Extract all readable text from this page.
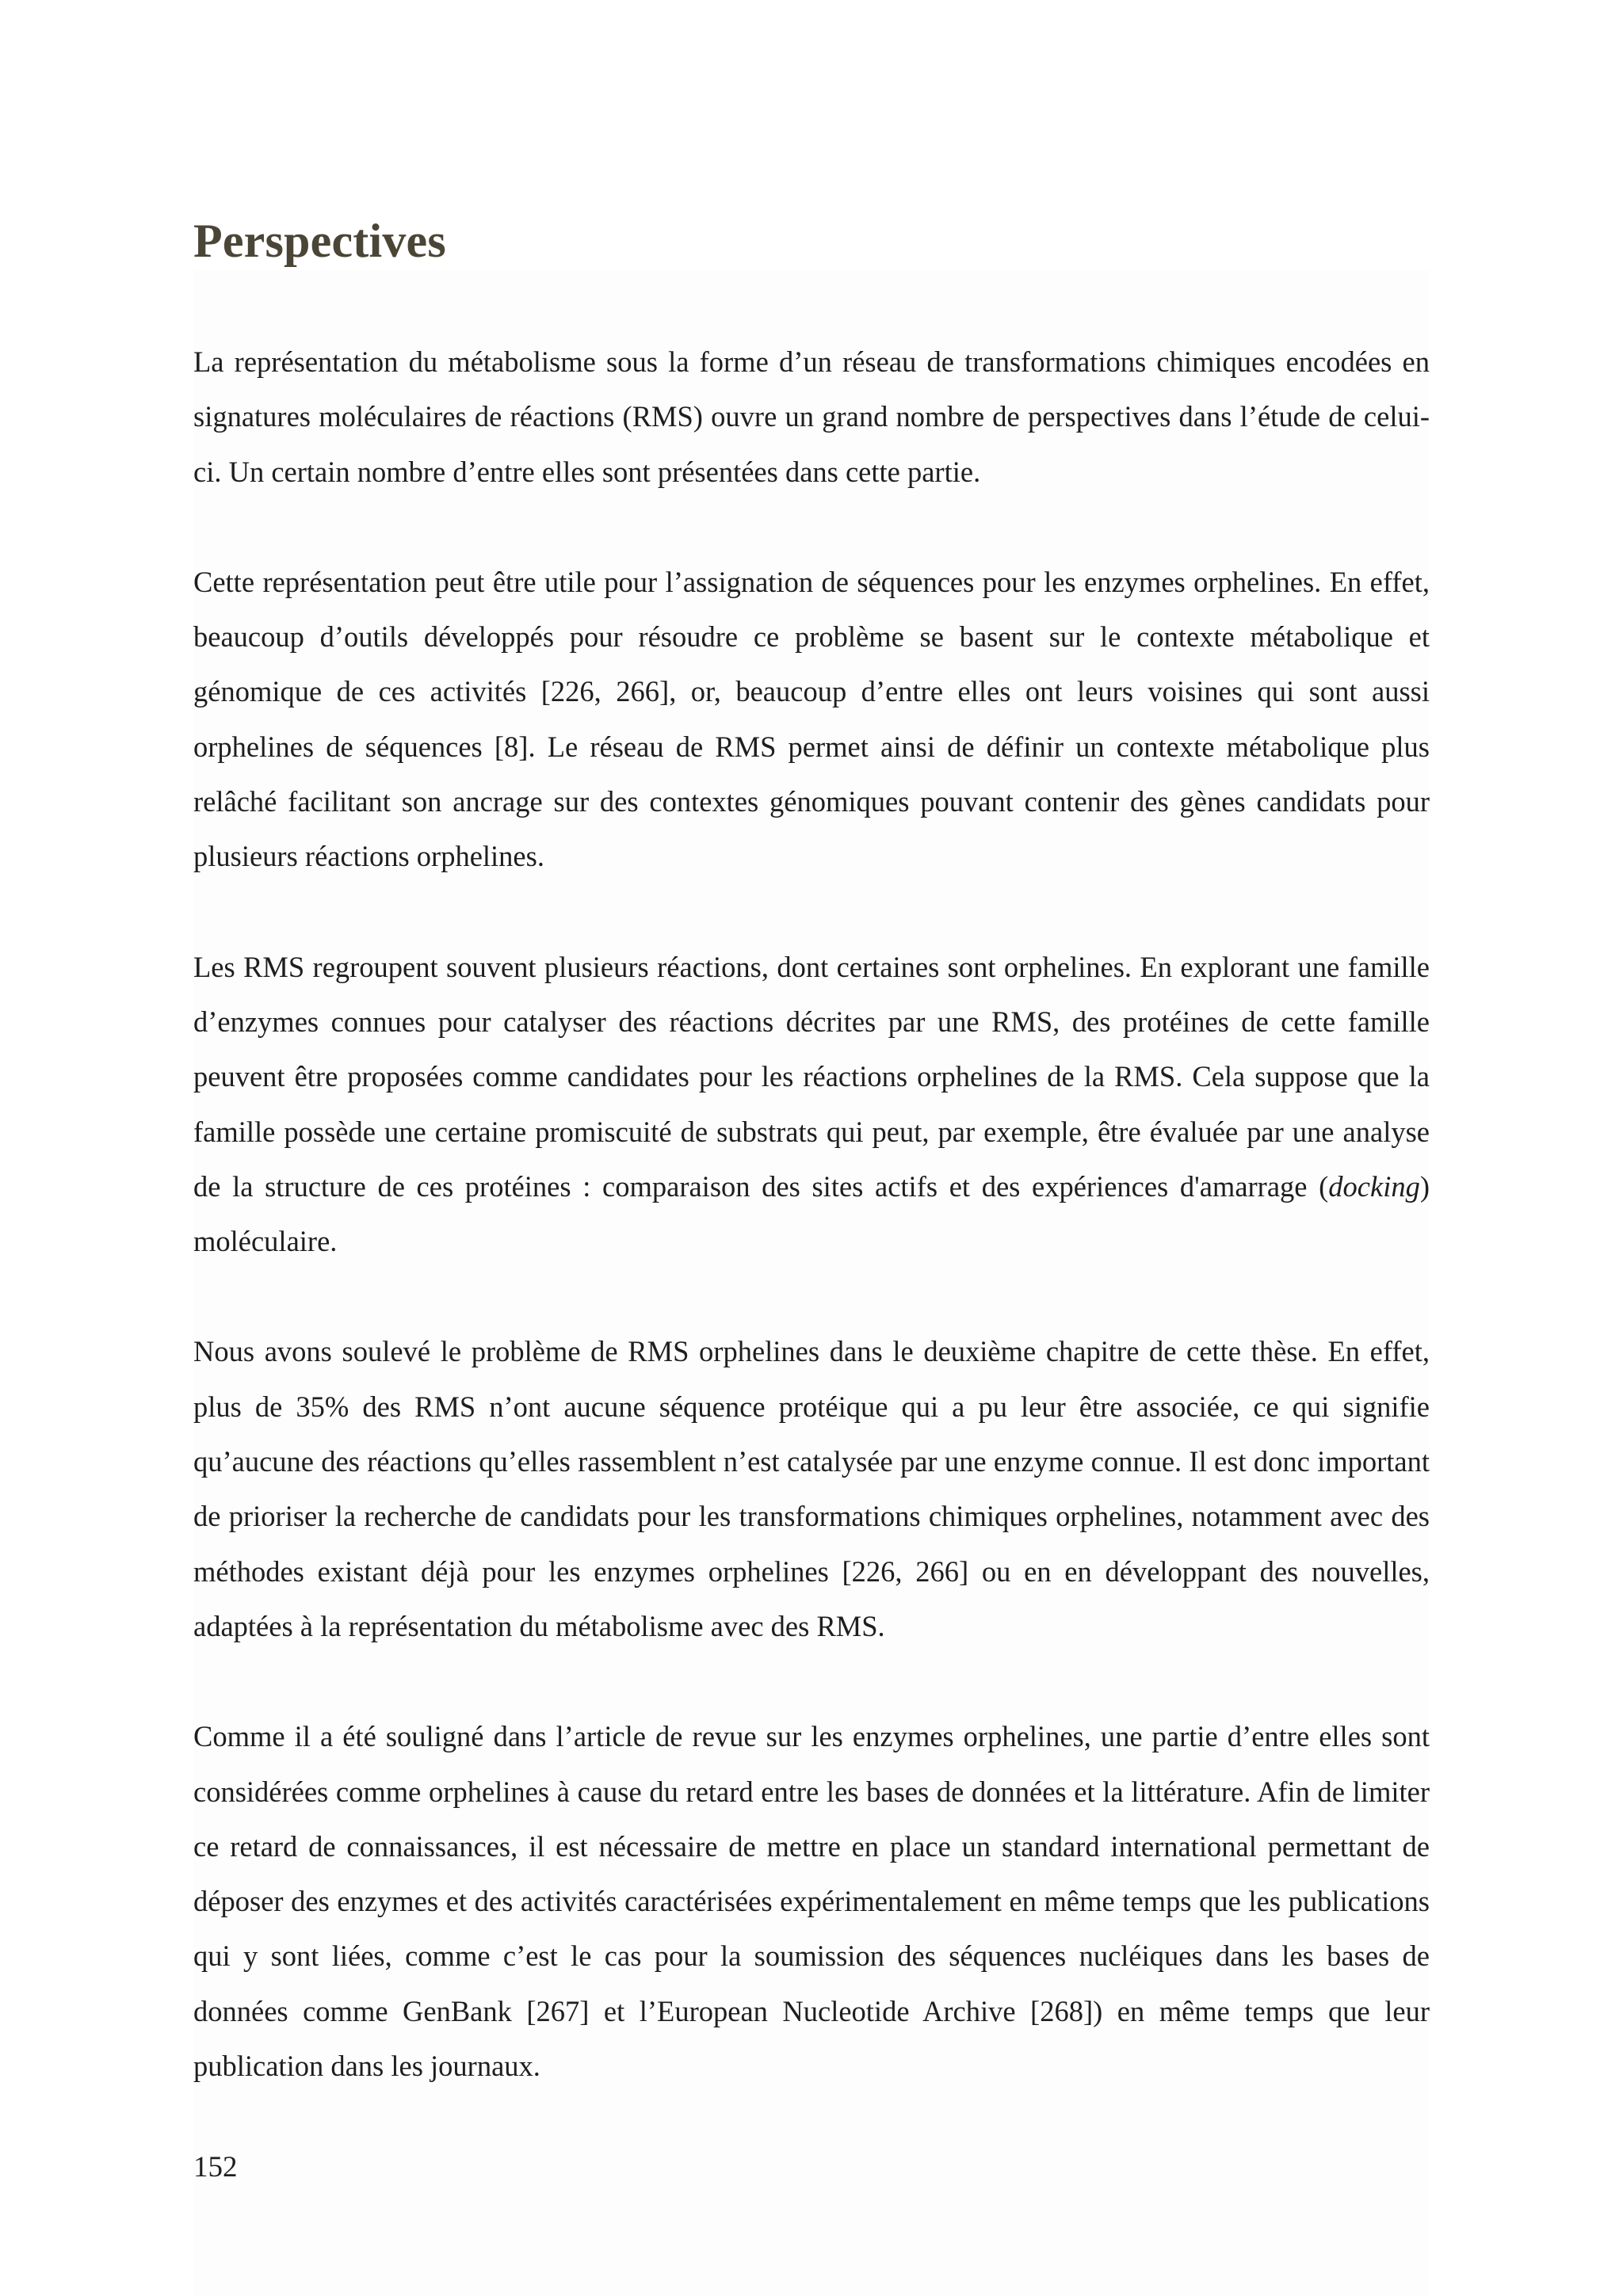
Perspectives

La représentation du métabolisme sous la forme d’un réseau de transformations chimiques encodées en signatures moléculaires de réactions (RMS) ouvre un grand nombre de perspectives dans l’étude de celui-ci. Un certain nombre d’entre elles sont présentées dans cette partie.

Cette représentation peut être utile pour l’assignation de séquences pour les enzymes orphelines. En effet, beaucoup d’outils développés pour résoudre ce problème se basent sur le contexte métabolique et génomique de ces activités [226, 266], or, beaucoup d’entre elles ont leurs voisines qui sont aussi orphelines de séquences [8]. Le réseau de RMS permet ainsi de définir un contexte métabolique plus relâché facilitant son ancrage sur des contextes génomiques pouvant contenir des gènes candidats pour plusieurs réactions orphelines.

Les RMS regroupent souvent plusieurs réactions, dont certaines sont orphelines. En explorant une famille d’enzymes connues pour catalyser des réactions décrites par une RMS, des protéines de cette famille peuvent être proposées comme candidates pour les réactions orphelines de la RMS. Cela suppose que la famille possède une certaine promiscuité de substrats qui peut, par exemple, être évaluée par une analyse de la structure de ces protéines : comparaison des sites actifs et des expériences d'amarrage (docking) moléculaire.

Nous avons soulevé le problème de RMS orphelines dans le deuxième chapitre de cette thèse. En effet, plus de 35% des RMS n’ont aucune séquence protéique qui a pu leur être associée, ce qui signifie qu’aucune des réactions qu’elles rassemblent n’est catalysée par une enzyme connue. Il est donc important de prioriser la recherche de candidats pour les transformations chimiques orphelines, notamment avec des méthodes existant déjà pour les enzymes orphelines [226, 266] ou en en développant des nouvelles, adaptées à la représentation du métabolisme avec des RMS.

Comme il a été souligné dans l’article de revue sur les enzymes orphelines, une partie d’entre elles sont considérées comme orphelines à cause du retard entre les bases de données et la littérature. Afin de limiter ce retard de connaissances, il est nécessaire de mettre en place un standard international permettant de déposer des enzymes et des activités caractérisées expérimentalement en même temps que les publications qui y sont liées, comme c’est le cas pour la soumission des séquences nucléiques dans les bases de données comme GenBank [267] et l’European Nucleotide Archive [268]) en même temps que leur publication dans les journaux.

152
